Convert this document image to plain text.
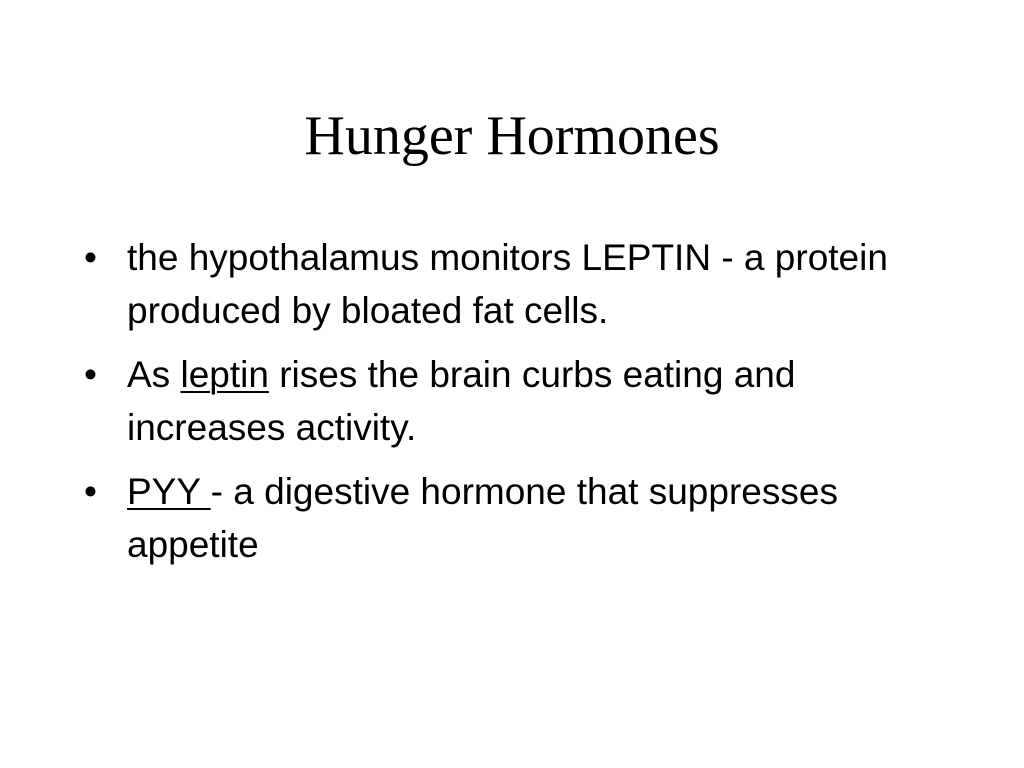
Hunger Hormones
• the hypothalamus monitors LEPTIN - a protein produced by bloated fat cells.
• As leptin rises the brain curbs eating and increases activity.
• PYY - a digestive hormone that suppresses appetite
